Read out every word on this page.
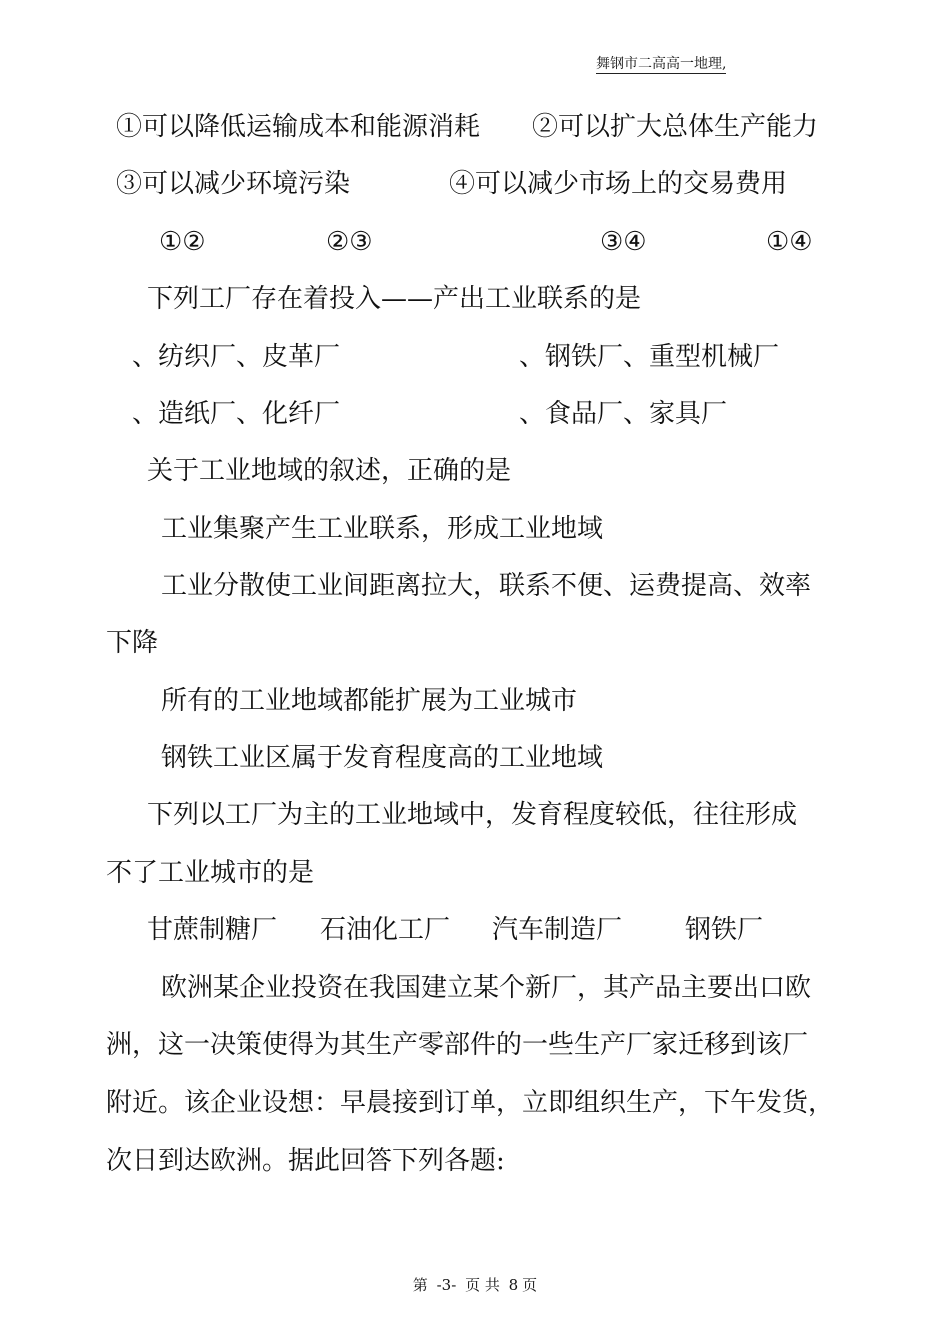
舞钢市二高高一地理,
①可以降低运输成本和能源消耗 ②可以扩大总体生产能力
③可以减少环境污染	④可以减少市场上的交易费用
①②	②③	③④	①④
下列工厂存在着投入——产出工业联系的是
、纺织厂、皮革厂	、钢铁厂、重型机械厂
、造纸厂、化纤厂	、食品厂、家具厂
关于工业地域的叙述，正确的是
工业集聚产生工业联系，形成工业地域
工业分散使工业间距离拉大，联系不便、运费提高、效率
下降
所有的工业地域都能扩展为工业城市
钢铁工业区属于发育程度高的工业地域
下列以工厂为主的工业地域中，发育程度较低，往往形成
不了工业城市的是
甘蔗制糖厂 石油化工厂 汽车制造厂 钢铁厂
欧洲某企业投资在我国建立某个新厂，其产品主要出口欧
洲，这一决策使得为其生产零部件的一些生产厂家迁移到该厂
附近。该企业设想：早晨接到订单，立即组织生产，下午发货，
次日到达欧洲。据此回答下列各题:
第 -3- 页 共 8 页
